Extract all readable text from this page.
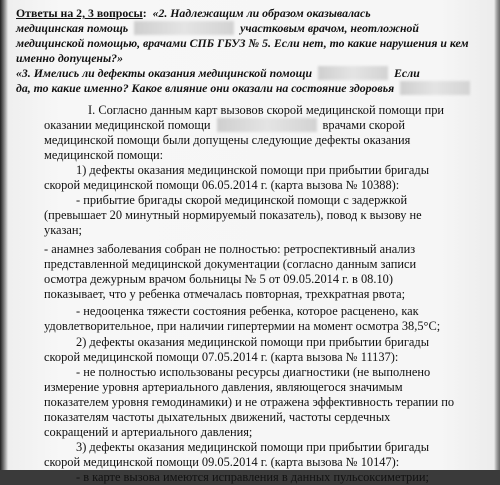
Ответы на 2, 3 вопросы: «2. Надлежащим ли образом оказывалась
медицинская помощь	участковым врачом, неотложной
медицинской помощью, врачами СПБ ГБУЗ № 5. Если нет, то какие нарушения и кем
именно допущены?»
«3. Имелись ли дефекты оказания медицинской помощи	Если
да, то какие именно? Какое влияние они оказали на состояние здоровья
I. Согласно данным карт вызовов скорой медицинской помощи при
оказании медицинской помощи	врачами скорой
медицинской помощи были допущены следующие дефекты оказания
медицинской помощи:
1) дефекты оказания медицинской помощи при прибытии бригады
скорой медицинской помощи 06.05.2014 г. (карта вызова № 10388):
- прибытие бригады скорой медицинской помощи с задержкой
(превышает 20 минутный нормируемый показатель), повод к вызову не
указан;
- анамнез заболевания собран не полностью: ретроспективный анализ
представленной медицинской документации (согласно данным записи
осмотра дежурным врачом больницы № 5 от 09.05.2014 г. в 08.10)
показывает, что у ребенка отмечалась повторная, трехкратная рвота;
- недооценка тяжести состояния ребенка, которое расценено, как
удовлетворительное, при наличии гипертермии на момент осмотра 38,5°С;
2) дефекты оказания медицинской помощи при прибытии бригады
скорой медицинской помощи 07.05.2014 г. (карта вызова № 11137):
- не полностью использованы ресурсы диагностики (не выполнено
измерение уровня артериального давления, являющегося значимым
показателем уровня гемодинамики) и не отражена эффективность терапии по
показателям частоты дыхательных движений, частоты сердечных
сокращений и артериального давления;
3) дефекты оказания медицинской помощи при прибытии бригады
скорой медицинской помощи 09.05.2014 г. (карта вызова № 10147):
- в карте вызова имеются исправления в данных пульсоксиметрии;
